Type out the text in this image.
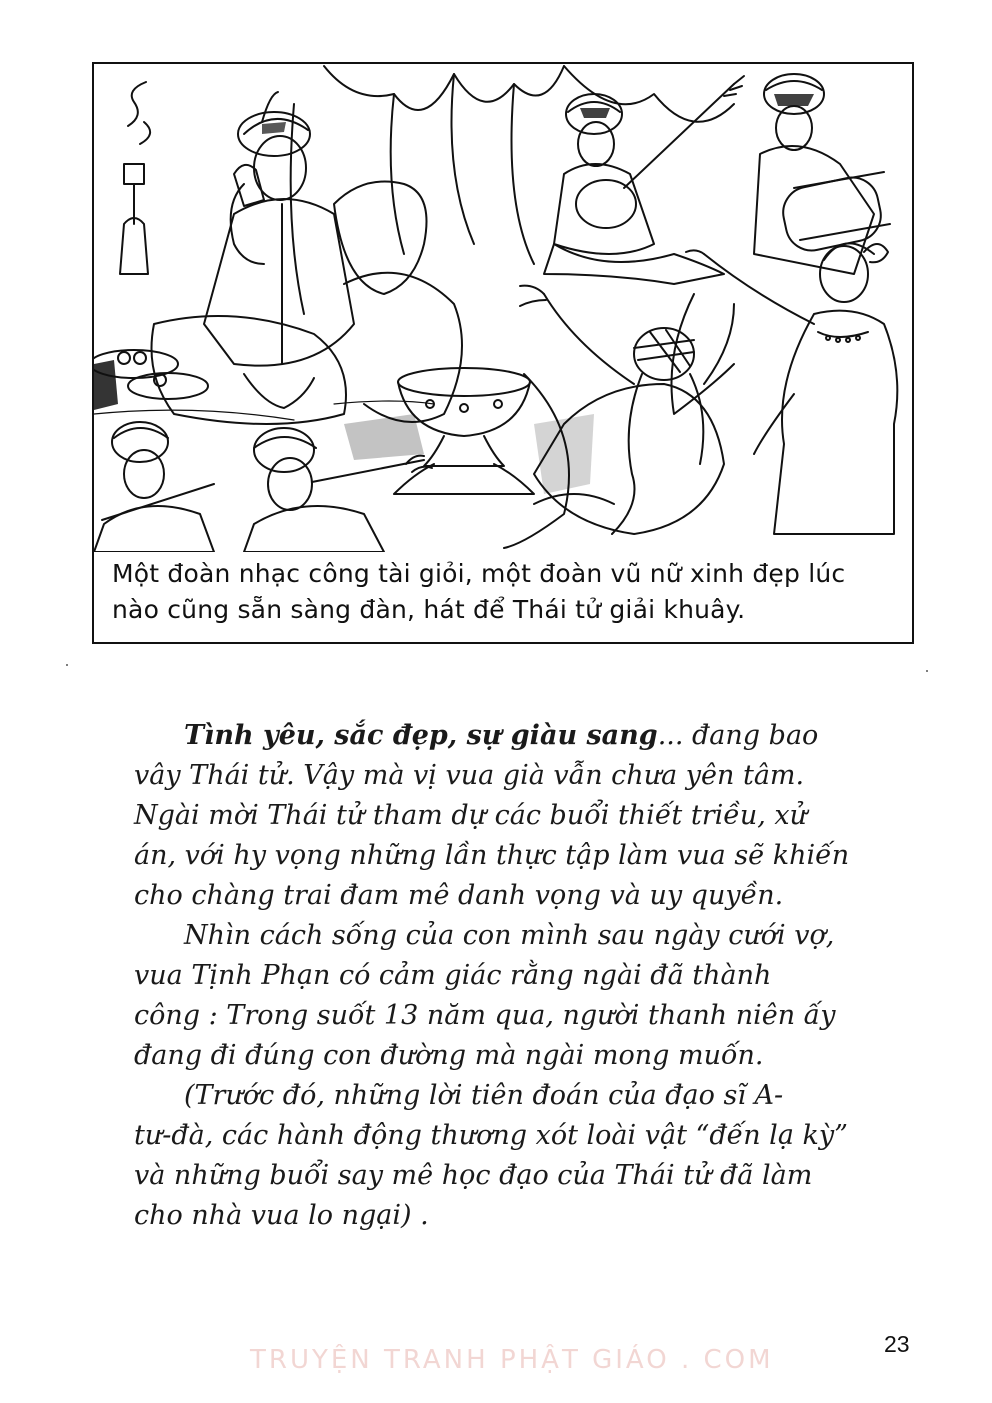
Một đoàn nhạc công tài giỏi, một đoàn vũ nữ xinh đẹp lúc
nào cũng sẵn sàng đàn, hát để Thái tử giải khuây.
Tình yêu, sắc đẹp, sự giàu sang... đang bao
vây Thái tử. Vậy mà vị vua già vẫn chưa yên tâm.
Ngài mời Thái tử tham dự các buổi thiết triều, xử
án, với hy vọng những lần thực tập làm vua sẽ khiến
cho chàng trai đam mê danh vọng và uy quyền.
Nhìn cách sống của con mình sau ngày cưới vợ,
vua Tịnh Phạn có cảm giác rằng ngài đã thành
công : Trong suốt 13 năm qua, người thanh niên ấy
đang đi đúng con đường mà ngài mong muốn.
(Trước đó, những lời tiên đoán của đạo sĩ A-
tư-đà, các hành động thương xót loài vật “đến lạ kỳ”
và những buổi say mê học đạo của Thái tử đã làm
cho nhà vua lo ngại) .
23
TRUYỆN TRANH PHẬT GIÁO . COM
